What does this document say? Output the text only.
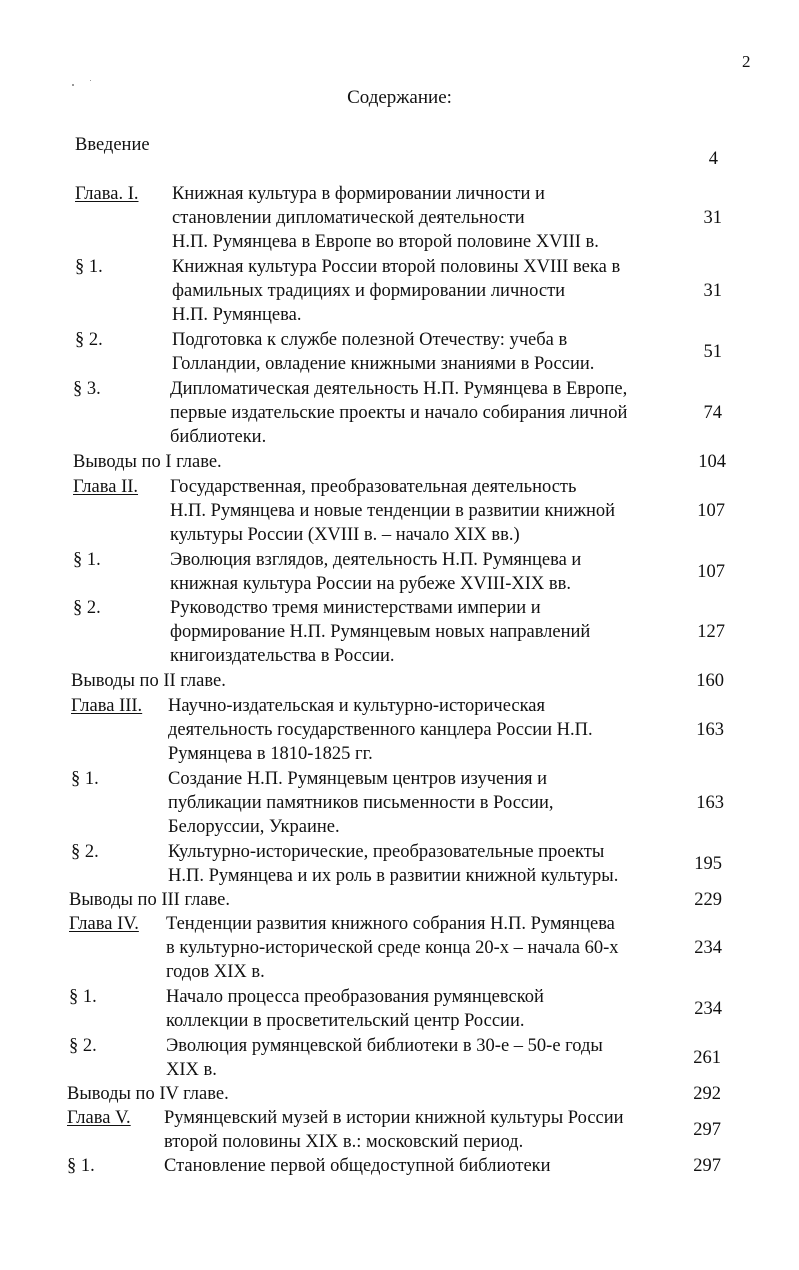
2
Содержание:
Введение
4
Глава. I. Книжная культура в формировании личности и
становлении дипломатической деятельности
Н.П. Румянцева в Европе во второй половине XVIII в.
31
§ 1.	Книжная культура России второй половины XVIII века в
фамильных традициях и формировании личности
Н.П. Румянцева.
31
§ 2.	Подготовка к службе полезной Отечеству: учеба в
Голландии, овладение книжными знаниями в России.
51
§ 3.	Дипломатическая деятельность Н.П. Румянцева в Европе,
первые издательские проекты и начало собирания личной
библиотеки.
74
Выводы по I главе.	104
Глава II. Государственная, преобразовательная деятельность
Н.П. Румянцева и новые тенденции в развитии книжной
культуры России (XVIII в. – начало XIX вв.)
107
§ 1.	Эволюция взглядов, деятельность Н.П. Румянцева и
книжная культура России на рубеже XVIII-XIX вв.
107
§ 2.	Руководство тремя министерствами империи и
формирование Н.П. Румянцевым новых направлений
книгоиздательства в России.
127
Выводы по II главе.	160
Глава III. Научно-издательская и культурно-историческая
деятельность государственного канцлера России Н.П.
Румянцева в 1810-1825 гг.
163
§ 1.	Создание Н.П. Румянцевым центров изучения и
публикации памятников письменности в России,
Белоруссии, Украине.
163
§ 2.	Культурно-исторические, преобразовательные проекты
Н.П. Румянцева и их роль в развитии книжной культуры.
195
Выводы по III главе.	229
Глава IV. Тенденции развития книжного собрания Н.П. Румянцева
в культурно-исторической среде конца 20-х – начала 60-х
годов XIX в.
234
§ 1.	Начало процесса преобразования румянцевской
коллекции в просветительский центр России.
234
§ 2.	Эволюция румянцевской библиотеки в 30-е – 50-е годы
XIX в.
261
Выводы по IV главе.	292
Глава V. Румянцевский музей в истории книжной культуры России
второй половины XIX в.: московский период.
297
§ 1.	Становление первой общедоступной библиотеки	297
